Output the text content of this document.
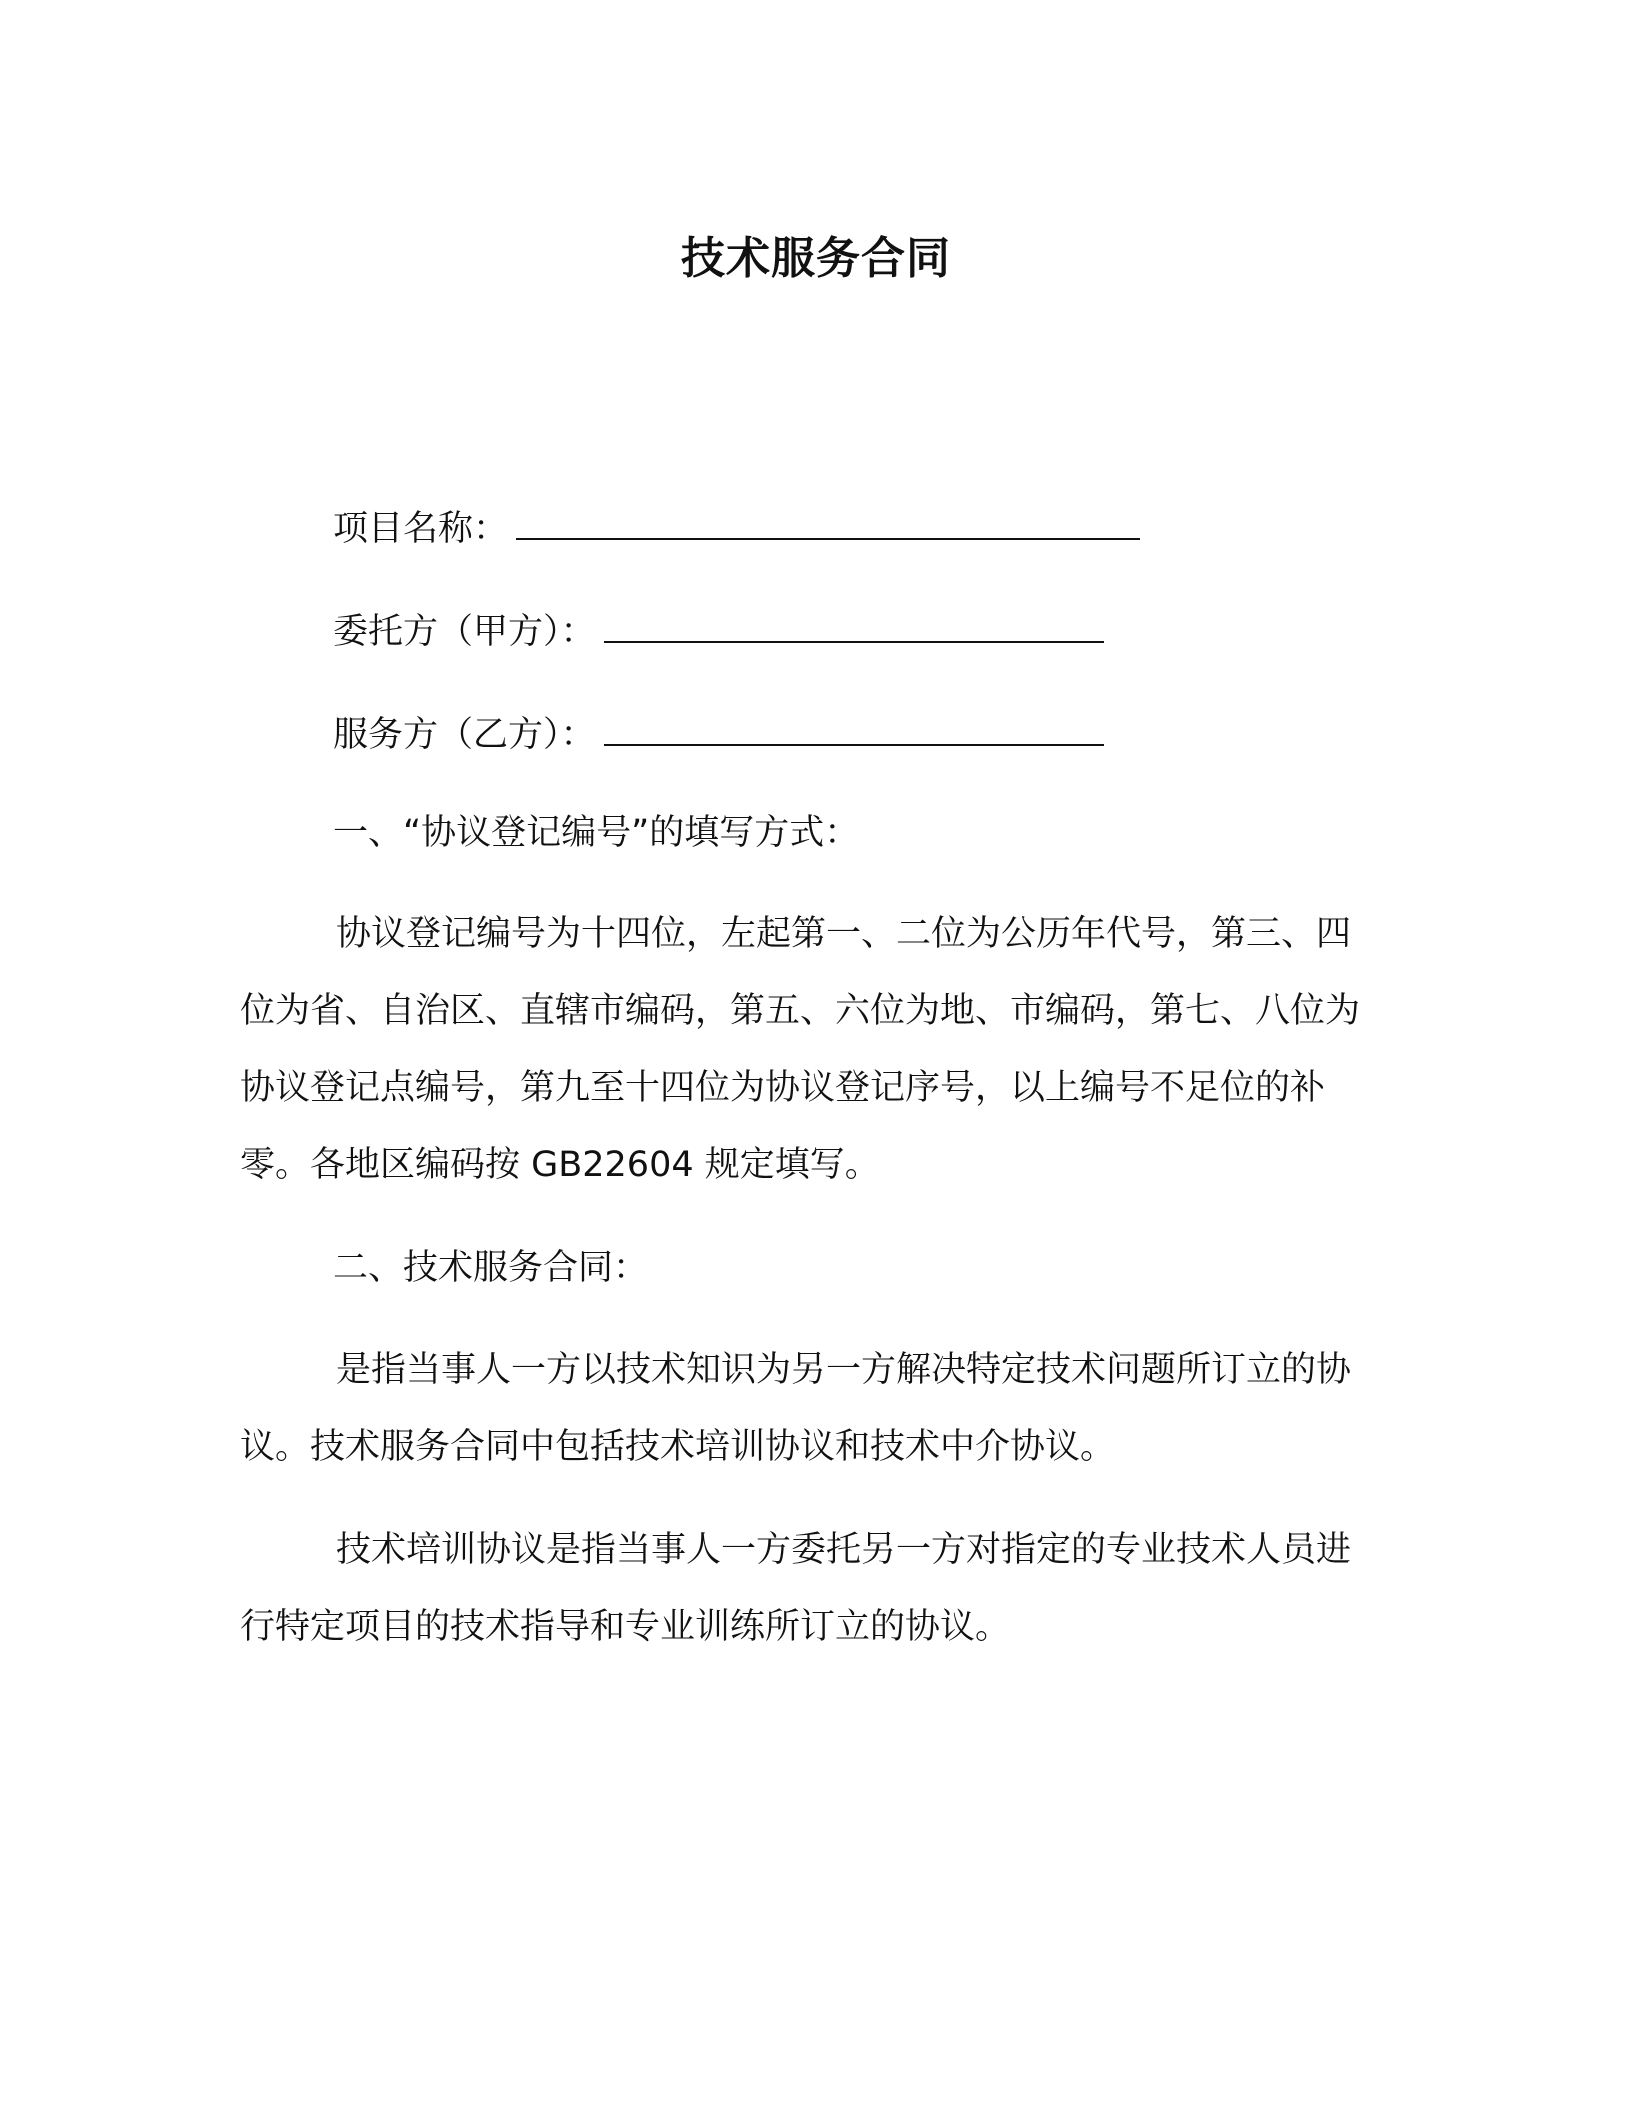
技术服务合同
项目名称：
委托方（甲方）：
服务方（乙方）：
一、“协议登记编号”的填写方式：
协议登记编号为十四位，左起第一、二位为公历年代号，第三、四位为省、自治区、直辖市编码，第五、六位为地、市编码，第七、八位为协议登记点编号，第九至十四位为协议登记序号，以上编号不足位的补零。各地区编码按 GB22604 规定填写。
二、技术服务合同：
是指当事人一方以技术知识为另一方解决特定技术问题所订立的协议。技术服务合同中包括技术培训协议和技术中介协议。
技术培训协议是指当事人一方委托另一方对指定的专业技术人员进行特定项目的技术指导和专业训练所订立的协议。
